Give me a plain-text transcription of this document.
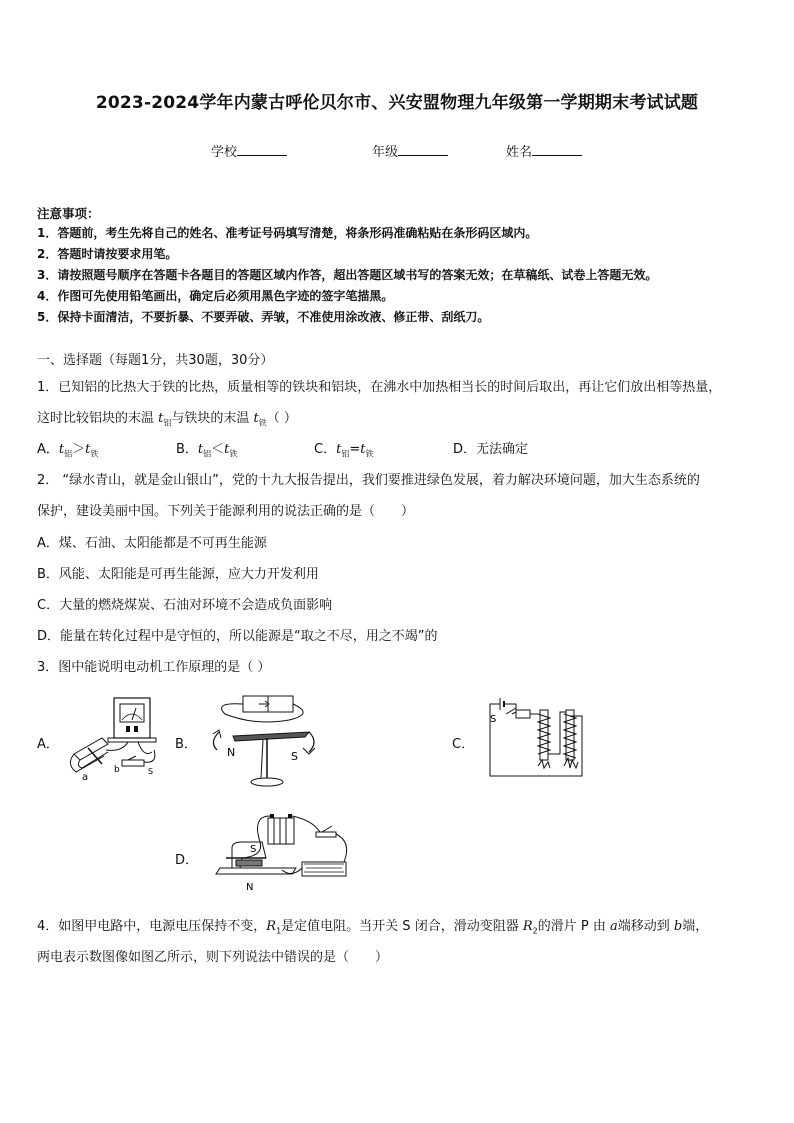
2023-2024学年内蒙古呼伦贝尔市、兴安盟物理九年级第一学期期末考试试题
学校	年级	姓名
注意事项：
1．答题前，考生先将自己的姓名、准考证号码填写清楚，将条形码准确粘贴在条形码区域内。
2．答题时请按要求用笔。
3．请按照题号顺序在答题卡各题目的答题区域内作答，超出答题区域书写的答案无效；在草稿纸、试卷上答题无效。
4．作图可先使用铅笔画出，确定后必须用黑色字迹的签字笔描黑。
5．保持卡面清洁，不要折暴、不要弄破、弄皱，不准使用涂改液、修正带、刮纸刀。
一、选择题（每题1分，共30题，30分）
1．已知铝的比热大于铁的比热，质量相等的铁块和铝块，在沸水中加热相当长的时间后取出，再让它们放出相等热量，
这时比较铝块的末温 $t_铝$与铁块的末温 $t_铁$（ ）
A．$t_铝>t_铁$	B．$t_铝<t_铁$	C．$t_铝=t_铁$	D．无法确定
2． “绿水青山，就是金山银山”，党的十九大报告提出，我们要推进绿色发展，着力解决环境问题，加大生态系统的
保护，建设美丽中国。下列关于能源利用的说法正确的是（　　）
A．煤、石油、太阳能都是不可再生能源
B．风能、太阳能是可再生能源，应大力开发利用
C．大量的燃烧煤炭、石油对环境不会造成负面影响
D．能量在转化过程中是守恒的，所以能源是“取之不尽，用之不竭”的
3．图中能说明电动机工作原理的是（ ）
A．
a
b	S
B．
N	S
C．
S
D．
S
N
4．如图甲电路中，电源电压保持不变，$R_1$是定值电阻。当开关 S 闭合，滑动变阻器 $R_2$的滑片 P 由 a端移动到 b端，
两电表示数图像如图乙所示，则下列说法中错误的是（　　）
